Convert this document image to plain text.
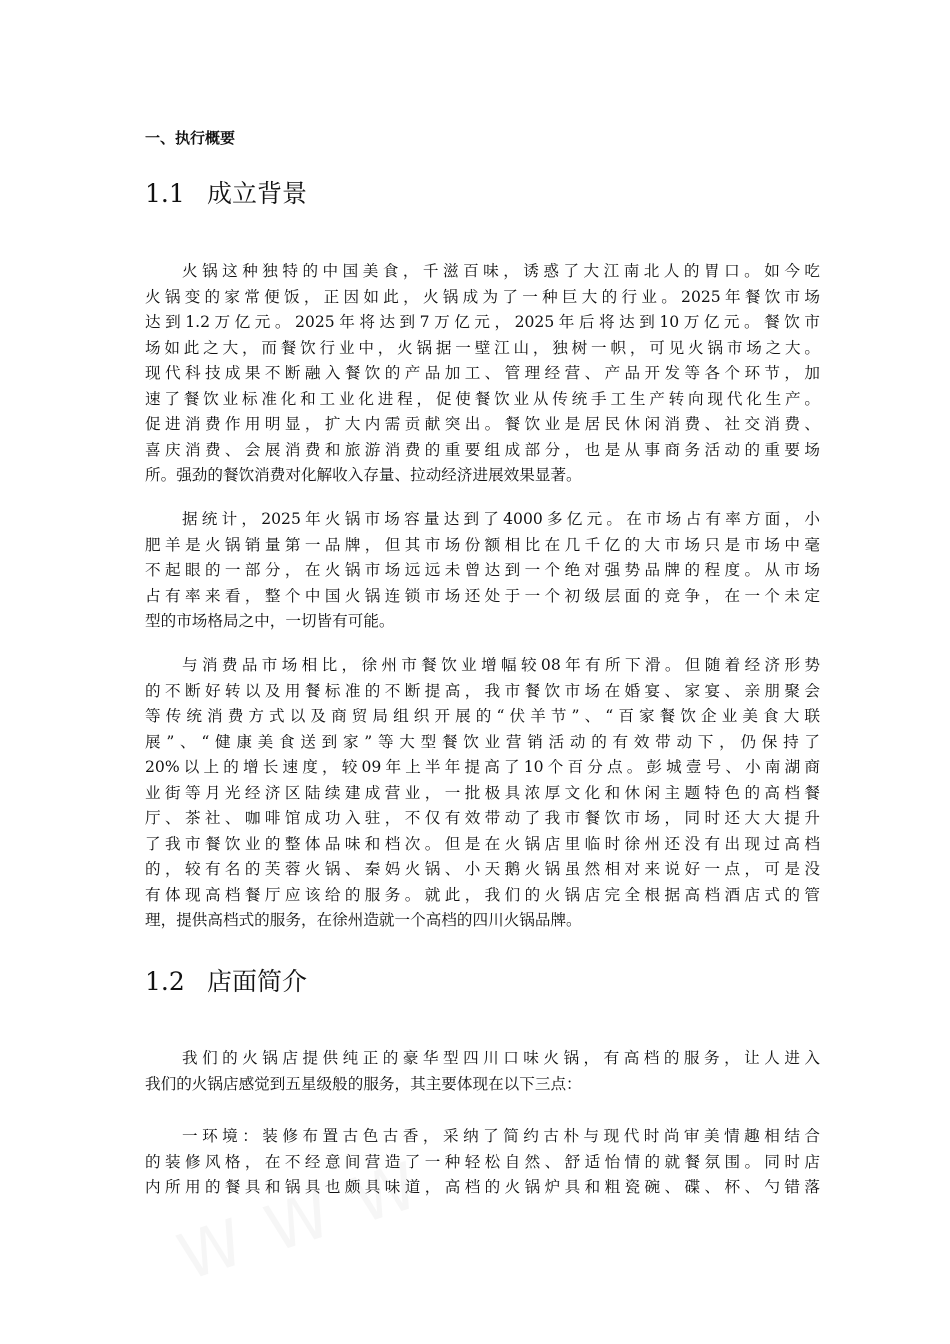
一、执行概要
1.1 成立背景
火锅这种独特的中国美食，千滋百味，诱惑了大江南北人的胃口。如今吃
火锅变的家常便饭，正因如此，火锅成为了一种巨大的行业。2025年餐饮市场
达到1.2万亿元。2025年将达到7万亿元，2025年后将达到10万亿元。餐饮市
场如此之大，而餐饮行业中，火锅据一壁江山，独树一帜，可见火锅市场之大。
现代科技成果不断融入餐饮的产品加工、管理经营、产品开发等各个环节，加
速了餐饮业标准化和工业化进程，促使餐饮业从传统手工生产转向现代化生产。
促进消费作用明显，扩大内需贡献突出。餐饮业是居民休闲消费、社交消费、
喜庆消费、会展消费和旅游消费的重要组成部分，也是从事商务活动的重要场
所。强劲的餐饮消费对化解收入存量、拉动经济进展效果显著。
据统计，2025年火锅市场容量达到了4000多亿元。在市场占有率方面，小
肥羊是火锅销量第一品牌，但其市场份额相比在几千亿的大市场只是市场中毫
不起眼的一部分，在火锅市场远远未曾达到一个绝对强势品牌的程度。从市场
占有率来看，整个中国火锅连锁市场还处于一个初级层面的竞争，在一个未定
型的市场格局之中，一切皆有可能。
与消费品市场相比，徐州市餐饮业增幅较08年有所下滑。但随着经济形势
的不断好转以及用餐标准的不断提高，我市餐饮市场在婚宴、家宴、亲朋聚会
等传统消费方式以及商贸局组织开展的“伏羊节”、“百家餐饮企业美食大联
展”、“健康美食送到家”等大型餐饮业营销活动的有效带动下，仍保持了
20%以上的增长速度，较09年上半年提高了10个百分点。彭城壹号、小南湖商
业街等月光经济区陆续建成营业，一批极具浓厚文化和休闲主题特色的高档餐
厅、茶社、咖啡馆成功入驻，不仅有效带动了我市餐饮市场，同时还大大提升
了我市餐饮业的整体品味和档次。但是在火锅店里临时徐州还没有出现过高档
的，较有名的芙蓉火锅、秦妈火锅、小天鹅火锅虽然相对来说好一点，可是没
有体现高档餐厅应该给的服务。就此，我们的火锅店完全根据高档酒店式的管
理，提供高档式的服务，在徐州造就一个高档的四川火锅品牌。
1.2 店面简介
我们的火锅店提供纯正的豪华型四川口味火锅，有高档的服务，让人进入
我们的火锅店感觉到五星级般的服务，其主要体现在以下三点：
一环境：装修布置古色古香，采纳了简约古朴与现代时尚审美情趣相结合
的装修风格，在不经意间营造了一种轻松自然、舒适怡情的就餐氛围。同时店
内所用的餐具和锅具也颇具味道，高档的火锅炉具和粗瓷碗、碟、杯、勺错落
